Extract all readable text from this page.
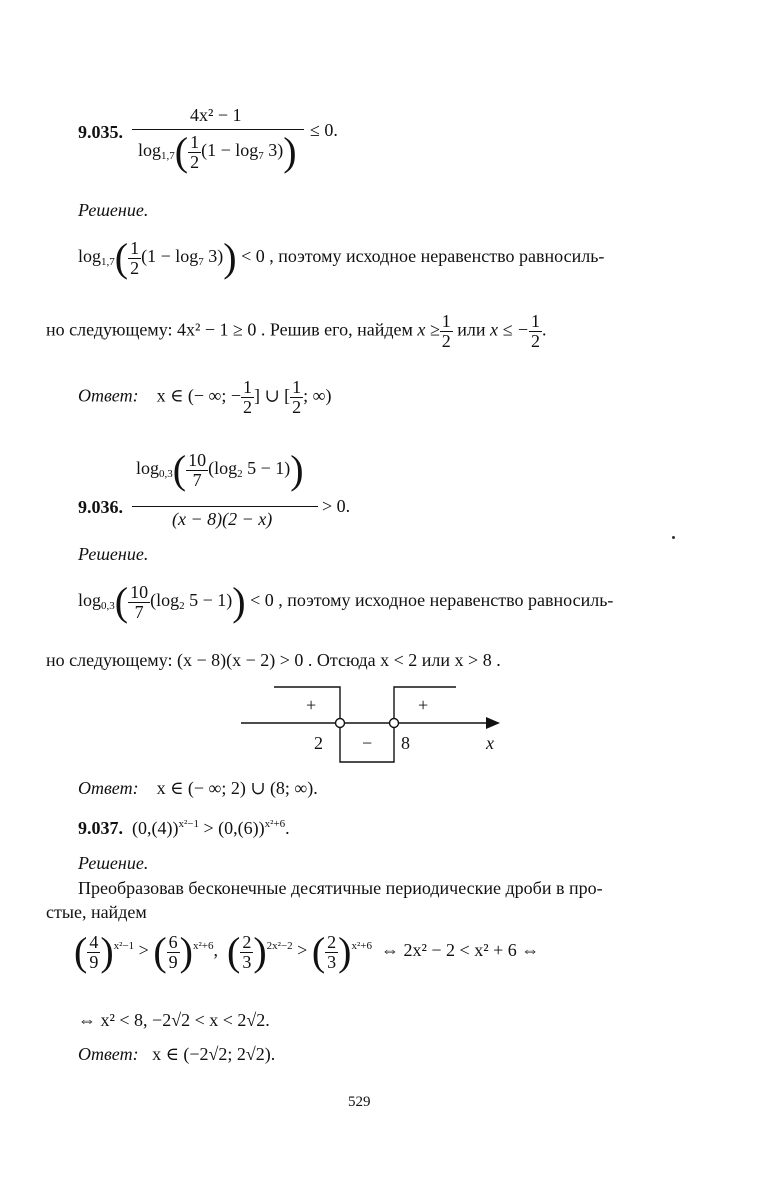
9.035.
4x² − 1
$\log_{1,7}( \frac{1}{2} (1 - \log_7 3)) \le 0$.
Решение.
$\log_{1,7}( \frac{1}{2} (1 - \log_7 3)) < 0$ , поэтому исходное неравенство равносиль-
но следующему: 4x² − 1 ≥ 0 . Решив его, найдем $x \ge \frac{1}{2}$ или x ≤ − $\frac{1}{2}$ .
Ответ: x ∈ (− ∞; − $\frac{1}{2}$ ] ∪ [ $\frac{1}{2}$ ; ∞)
$\log_{0,3}( \frac{10}{7} (\log_2$ 5 − 1))
9.036.
(x − 8)(2 − x)
> 0.
Решение.
$\log_{0,3}( \frac{10}{7} (\log_2$ 5 − 1)) < 0 , поэтому исходное неравенство равносиль-
но следующему: (x − 8)(x − 2) > 0 . Отсюда x < 2 или x > 8 .
+	+
−
2	8	x
Ответ: x ∈ (− ∞; 2) ∪ (8; ∞).
9.037. $(0,(4))^{x^2-1} > (0,(6))^{x^2+6}$.
Решение.
Преобразовав бесконечные десятичные периодические дроби в про-
стые, найдем
( $\frac{4}{9} )^{x^2-1}$ > ( $\frac{6}{9} )^{x^2+6}$, ( $\frac{2}{3} )^{2x^2-2}$ > ( $\frac{2}{3} )^{x^2+6}$ ⇔ 2x² − 2 < x² + 6 ⇔
⇔ x² < 8, −2√2 < x < 2√2.
Ответ: x ∈ (−2√2; 2√2).
529
